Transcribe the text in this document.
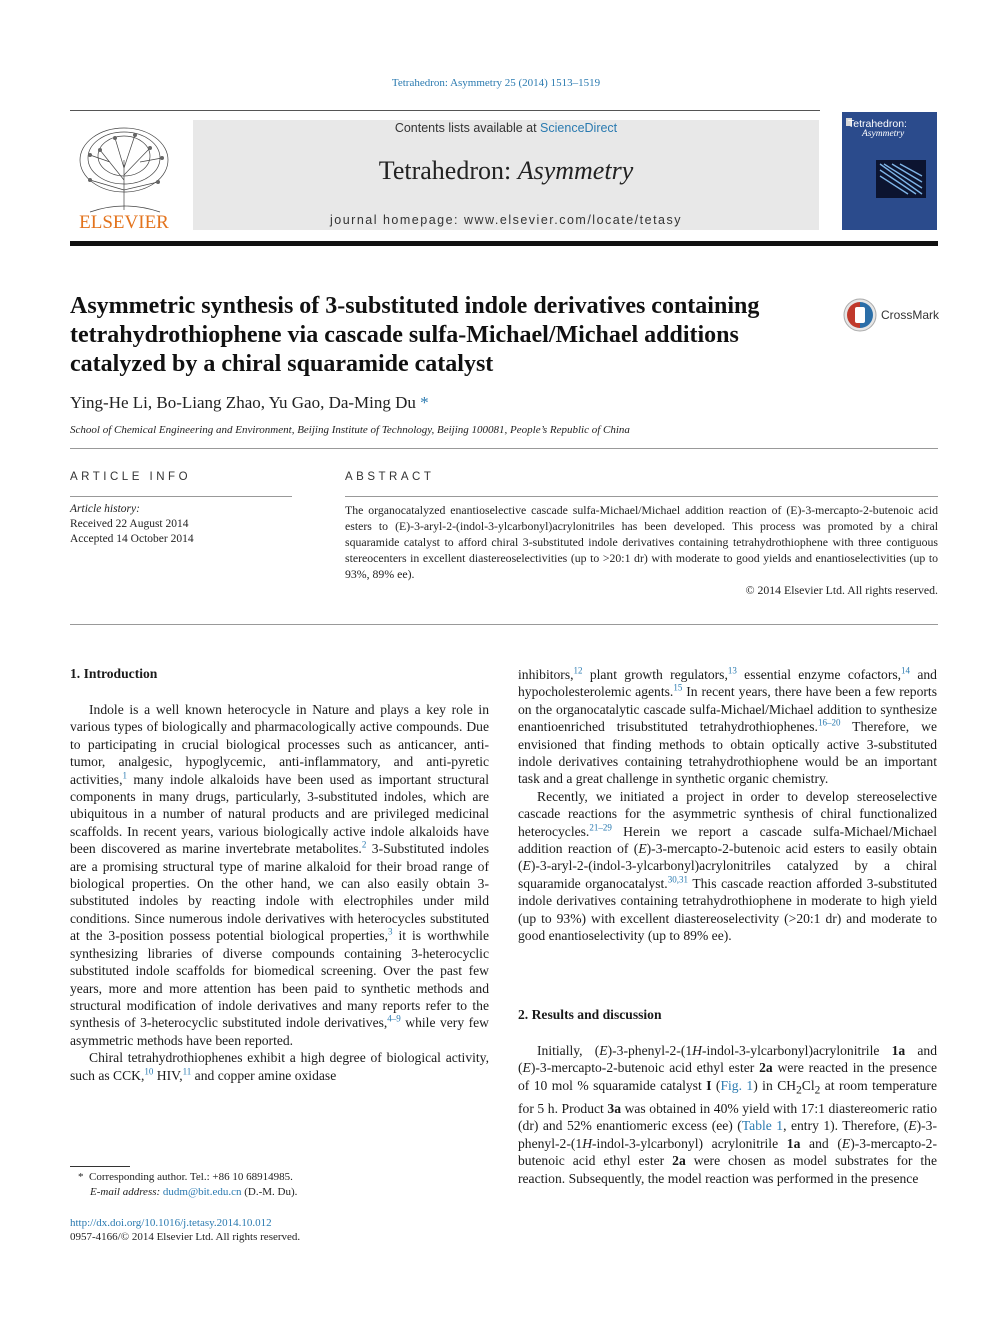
Tetrahedron: Asymmetry 25 (2014) 1513–1519
ELSEVIER
Contents lists available at ScienceDirect
Tetrahedron: Asymmetry
journal homepage: www.elsevier.com/locate/tetasy
Tetrahedron:
Asymmetry
Asymmetric synthesis of 3-substituted indole derivatives containing tetrahydrothiophene via cascade sulfa-Michael/Michael additions catalyzed by a chiral squaramide catalyst
CrossMark
Ying-He Li, Bo-Liang Zhao, Yu Gao, Da-Ming Du *
School of Chemical Engineering and Environment, Beijing Institute of Technology, Beijing 100081, People’s Republic of China
ARTICLE INFO	ABSTRACT
Article history:
Received 22 August 2014
Accepted 14 October 2014
The organocatalyzed enantioselective cascade sulfa-Michael/Michael addition reaction of (E)-3-mercapto-2-butenoic acid esters to (E)-3-aryl-2-(indol-3-ylcarbonyl)acrylonitriles has been developed. This process was promoted by a chiral squaramide catalyst to afford chiral 3-substituted indole derivatives containing tetrahydrothiophene with three contiguous stereocenters in excellent diastereoselectivities (up to >20:1 dr) with moderate to good yields and enantioselectivities (up to 93%, 89% ee).
© 2014 Elsevier Ltd. All rights reserved.
1. Introduction

Indole is a well known heterocycle in Nature and plays a key role in various types of biologically and pharmacologically active compounds. Due to participating in crucial biological processes such as anticancer, anti-tumor, analgesic, hypoglycemic, anti-inflammatory, and anti-pyretic activities,$^1$ many indole alkaloids have been used as important structural components in many drugs, particularly, 3-substituted indoles, which are ubiquitous in a number of natural products and are privileged medicinal scaffolds. In recent years, various biologically active indole alkaloids have been discovered as marine invertebrate metabolites.$^2$ 3-Substituted indoles are a promising structural type of marine alkaloid for their broad range of biological properties. On the other hand, we can also easily obtain 3-substituted indoles by reacting indole with electrophiles under mild conditions. Since numerous indole derivatives with heterocycles substituted at the 3-position possess potential biological properties,$^3$ it is worthwhile synthesizing libraries of diverse compounds containing 3-heterocyclic substituted indole scaffolds for biomedical screening. Over the past few years, more and more attention has been paid to synthetic methods and structural modification of indole derivatives and many reports refer to the synthesis of 3-heterocyclic substituted indole derivatives,$^{4-9}$ while very few asymmetric methods have been reported.

Chiral tetrahydrothiophenes exhibit a high degree of biological activity, such as CCK,$^{10}$ HIV,$^{11}$ and copper amine oxidase

inhibitors,$^{12}$ plant growth regulators,$^{13}$ essential enzyme cofactors,$^{14}$ and hypocholesterolemic agents.$^{15}$ In recent years, there have been a few reports on the organocatalytic cascade sulfa-Michael/Michael addition to synthesize enantioenriched trisubstituted tetrahydrothiophenes.$^{16-20}$ Therefore, we envisioned that finding methods to obtain optically active 3-substituted indole derivatives containing tetrahydrothiophene would be an important task and a great challenge in synthetic organic chemistry.

Recently, we initiated a project in order to develop stereoselective cascade reactions for the asymmetric synthesis of chiral functionalized heterocycles.$^{21-29}$ Herein we report a cascade sulfa-Michael/Michael addition reaction of (E)-3-mercapto-2-butenoic acid esters to easily obtain (E)-3-aryl-2-(indol-3-ylcarbonyl)acrylonitriles catalyzed by a chiral squaramide organocatalyst.$^{30,31}$ This cascade reaction afforded 3-substituted indole derivatives containing tetrahydrothiophene in moderate to high yield (up to 93%) with excellent diastereoselectivity (>20:1 dr) and moderate to good enantioselectivity (up to 89% ee).

2. Results and discussion

Initially, (E)-3-phenyl-2-(1H-indol-3-ylcarbonyl)acrylonitrile 1a and (E)-3-mercapto-2-butenoic acid ethyl ester 2a were reacted in the presence of 10 mol % squaramide catalyst I (Fig. 1) in $CH_2Cl_2$ at room temperature for 5 h. Product 3a was obtained in 40% yield with 17:1 diastereomeric ratio (dr) and 52% enantiomeric excess (ee) (Table 1, entry 1). Therefore, (E)-3-phenyl-2-(1H-indol-3-ylcarbonyl) acrylonitrile 1a and (E)-3-mercapto-2-butenoic acid ethyl ester 2a were chosen as model substrates for the reaction. Subsequently, the model reaction was performed in the presence

*  Corresponding author. Tel.: +86 10 68914985.
E-mail address: dudm@bit.edu.cn (D.-M. Du).
http://dx.doi.org/10.1016/j.tetasy.2014.10.012
0957-4166/© 2014 Elsevier Ltd. All rights reserved.
